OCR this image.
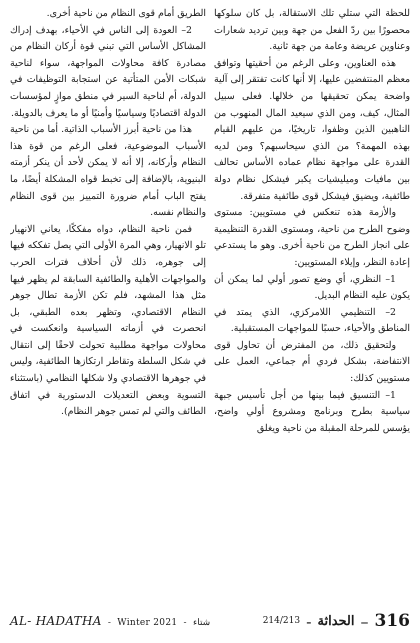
للحظة التي ستلي تلك الاستقالة، بل كان سلوكها محصورًا بين ردّ الفعل من جهة وبين ترديد شعارات وعناوين عريضة وعامة من جهة ثانية.

هذه العناوين، وعلى الرغم من أحقيتها وتوافق معظم المنتفضين عليها، إلا أنها كانت تفتقر إلى آلية واضحة يمكن تحقيقها من خلالها. فعلى سبيل المثال، كيف، ومن الذي سيعيد المال المنهوب من الناهبين الذين وظفوا، تاريخيًا، من عليهم القيام بهذه المهمة؟ من الذي سيحاسبهم؟ ومن لديه القدرة على مواجهة نظام عماده الأساس تحالف بين مافيات وميليشيات يكبر فيشكل نظام دولة طائفية، ويضيق فيشكل قوى طائفية متفرقة.

والأزمة هذه تنعكس في مستويين: مستوى وضوح الطرح من ناحية، ومستوى القدرة التنظيمية على انجاز الطرح من ناحية أخرى. وهو ما يستدعي إعادة النظر، وإيلاء المستويين:

1– النظري، أي وضع تصور أولي لما يمكن أن يكون عليه النظام البديل.

2– التنظيمي اللامركزي، الذي يمتد في المناطق والأحياء، حسبًا للمواجهات المستقبلية.

ولتحقيق ذلك، من المفترض أن تحاول قوى الانتفاضة، بشكل فردي أم جماعي، العمل على مستويين كذلك:

1– التنسيق فيما بينها من أجل تأسيس جبهة سياسية بطرح وبرنامج ومشروع أولي واضح، يؤسس للمرحلة المقبلة من ناحية ويغلق

الطريق أمام قوى النظام من ناحية أخرى.

2– العودة إلى الناس في الأحياء، بهدف إدراك المشاكل الأساس التي تبني قوة أركان النظام من مصادرة كافة محاولات المواجهة، سواء لناحية شبكات الأمن المتأتية عن استجابة التوظيفات في الدولة، أم لناحية السير في منطق موازٍ لمؤسسات الدولة اقتصاديًا وسياسيًا وأمنيًا أو ما يعرف بالدويلة.

هذا من ناحية أبرز الأسباب الذاتية. أما من ناحية الأسباب الموضوعية، فعلى الرغم من قوة هذا النظام وأركانه، إلا أنه لا يمكن لأحد أن ينكر أزمته البنيوية، بالإضافة إلى تخبط قواه المشكلة أيضًا، ما يفتح الباب أمام ضرورة التمييز بين قوى النظام والنظام نفسه.

فمن ناحية النظام، دواه مفككًا، يعاني الانهيار تلو الانهيار، وهي المرة الأولى التي يصل تفككه فيها إلى جوهره، ذلك لأن أحلاف فترات الحرب والمواجهات الأهلية والطائفية السابقة لم يظهر فيها مثل هذا المشهد، فلم تكن الأزمة تطال جوهر النظام الاقتصادي، وتظهر بعده الطبقي، بل انحصرت في أزماته السياسية وانعكست في محاولات مواجهة مطلبية تحولت لاحقًا إلى انتقال في شكل السلطة وتقاطر ارتكازها الطائفية، وليس في جوهرها الاقتصادي ولا شكلها النظامي (باستثناء التسوية وبعض التعديلات الدستورية في اتفاق الطائف والتي لم تمس جوهر النظام).

AL- HADATHA - Winter 2021 - شتاء	214/213 - الحداثة – 316
